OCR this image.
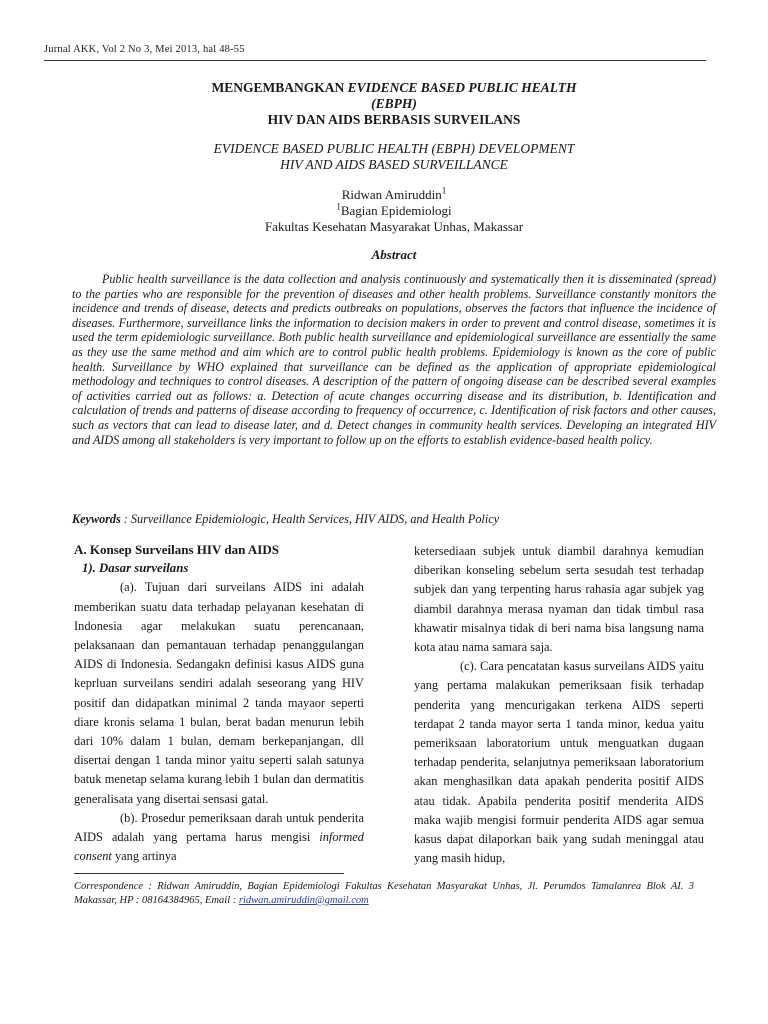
Jurnal AKK, Vol 2 No 3, Mei 2013, hal 48-55
MENGEMBANGKAN EVIDENCE BASED PUBLIC HEALTH
(EBPH)
HIV DAN AIDS BERBASIS SURVEILANS
EVIDENCE BASED PUBLIC HEALTH (EBPH) DEVELOPMENT
HIV AND AIDS BASED SURVEILLANCE
Ridwan Amiruddin$^1$
$^1$Bagian Epidemiologi
Fakultas Kesehatan Masyarakat Unhas, Makassar
Abstract

Public health surveillance is the data collection and analysis continuously and systematically then it is disseminated (spread) to the parties who are responsible for the prevention of diseases and other health problems. Surveillance constantly monitors the incidence and trends of disease, detects and predicts outbreaks on populations, observes the factors that influence the incidence of diseases. Furthermore, surveillance links the information to decision makers in order to prevent and control disease, sometimes it is used the term epidemiologic surveillance. Both public health surveillance and epidemiological surveillance are essentially the same as they use the same method and aim which are to control public health problems. Epidemiology is known as the core of public health. Surveillance by WHO explained that surveillance can be defined as the application of appropriate epidemiological methodology and techniques to control diseases. A description of the pattern of ongoing disease can be described several examples of activities carried out as follows: a. Detection of acute changes occurring disease and its distribution, b. Identification and calculation of trends and patterns of disease according to frequency of occurrence, c. Identification of risk factors and other causes, such as vectors that can lead to disease later, and d. Detect changes in community health services. Developing an integrated HIV and AIDS among all stakeholders is very important to follow up on the efforts to establish evidence-based health policy.

Keywords : Surveillance Epidemiologic, Health Services, HIV AIDS, and Health Policy

A. Konsep Surveilans HIV dan AIDS

1). Dasar surveilans

(a). Tujuan dari surveilans AIDS ini adalah memberikan suatu data terhadap pelayanan kesehatan di Indonesia agar melakukan suatu perencanaan, pelaksanaan dan pemantauan terhadap penanggulangan AIDS di Indonesia. Sedangakn definisi kasus AIDS guna keprluan surveilans sendiri adalah seseorang yang HIV positif dan didapatkan minimal 2 tanda mayaor seperti diare kronis selama 1 bulan, berat badan menurun lebih dari 10% dalam 1 bulan, demam berkepanjangan, dll disertai dengan 1 tanda minor yaitu seperti salah satunya batuk menetap selama kurang lebih 1 bulan dan dermatitis generalisata yang disertai sensasi gatal.

(b). Prosedur pemeriksaan darah untuk penderita AIDS adalah yang pertama harus mengisi informed consent yang artinya

ketersediaan subjek untuk diambil darahnya kemudian diberikan konseling sebelum serta sesudah test terhadap subjek dan yang terpenting harus rahasia agar subjek yag diambil darahnya merasa nyaman dan tidak timbul rasa khawatir misalnya tidak di beri nama bisa langsung nama kota atau nama samara saja.

(c). Cara pencatatan kasus surveilans AIDS yaitu yang pertama malakukan pemeriksaan fisik terhadap penderita yang mencurigakan terkena AIDS seperti terdapat 2 tanda mayor serta 1 tanda minor, kedua yaitu pemeriksaan laboratorium untuk menguatkan dugaan terhadap penderita, selanjutnya pemeriksaan laboratorium akan menghasilkan data apakah penderita positif AIDS atau tidak. Apabila penderita positif menderita AIDS maka wajib mengisi formuir penderita AIDS agar semua kasus dapat dilaporkan baik yang sudah meninggal atau yang masih hidup,

Correspondence : Ridwan Amiruddin, Bagian Epidemiologi Fakultas Kesehatan Masyarakat Unhas, Jl. Perumdos Tamalanrea Blok AI. 3 Makassar, HP : 08164384965, Email : ridwan.amiruddin@gmail.com
